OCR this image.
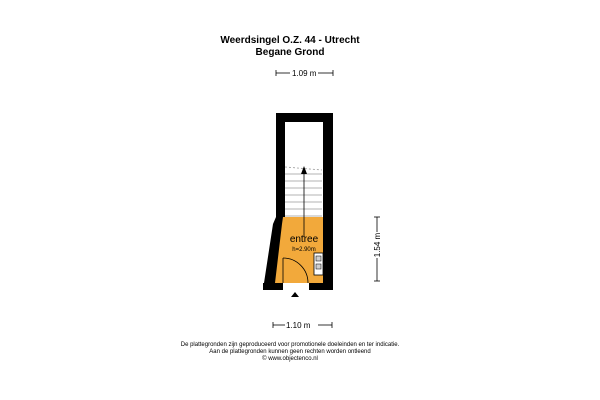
Weerdsingel O.Z. 44 - Utrecht
Begane Grond
entree
h=2.90m
1.09 m
1.10 m
1.54 m
De plattegronden zijn geproduceerd voor promotionele doeleinden en ter indicatie.
Aan de plattegronden kunnen geen rechten worden ontleend
© www.objectenco.nl
